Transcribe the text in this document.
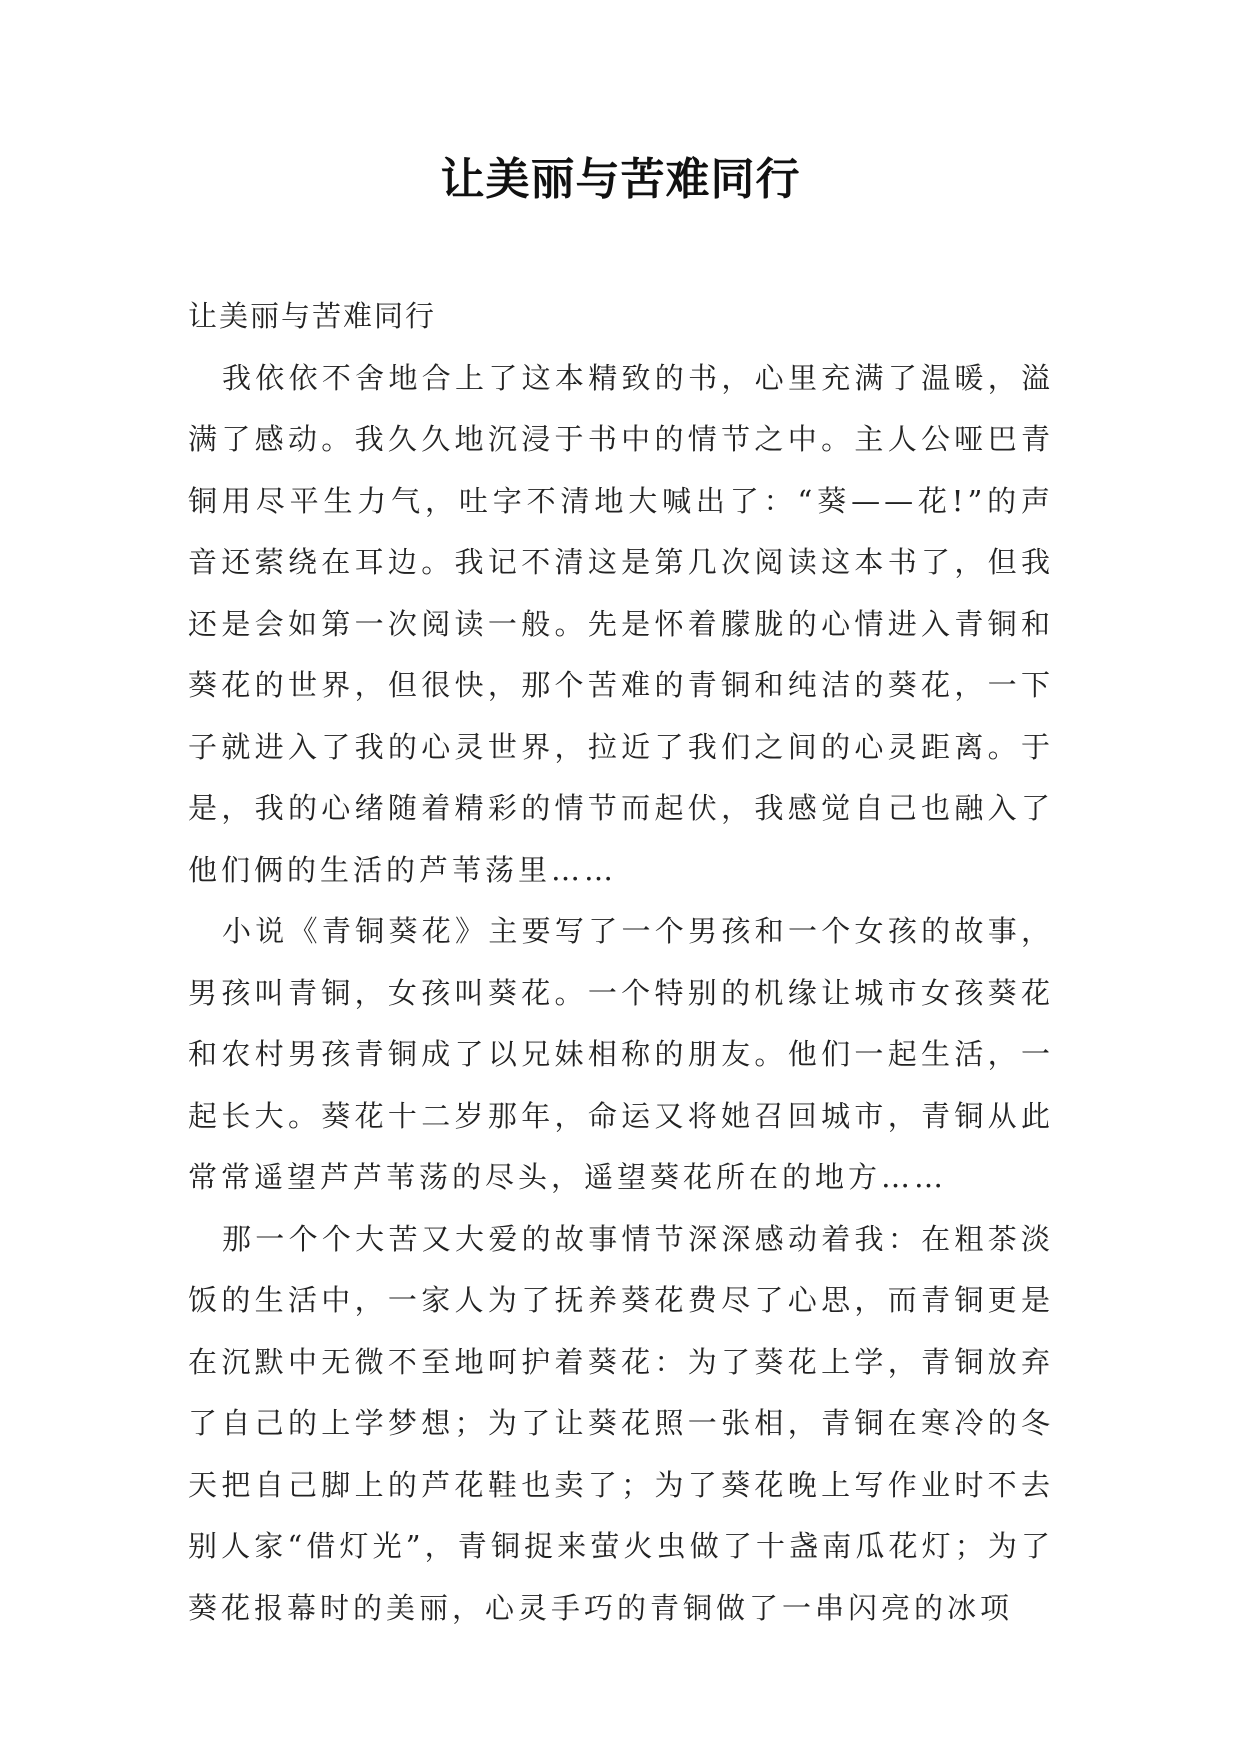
让美丽与苦难同行

让美丽与苦难同行

我依依不舍地合上了这本精致的书，心里充满了温暖，溢满了感动。我久久地沉浸于书中的情节之中。主人公哑巴青铜用尽平生力气，吐字不清地大喊出了：“葵——花!”的声音还萦绕在耳边。我记不清这是第几次阅读这本书了，但我还是会如第一次阅读一般。先是怀着朦胧的心情进入青铜和葵花的世界，但很快，那个苦难的青铜和纯洁的葵花，一下子就进入了我的心灵世界，拉近了我们之间的心灵距离。于是，我的心绪随着精彩的情节而起伏，我感觉自己也融入了他们俩的生活的芦苇荡里……

小说《青铜葵花》主要写了一个男孩和一个女孩的故事，男孩叫青铜，女孩叫葵花。一个特别的机缘让城市女孩葵花和农村男孩青铜成了以兄妹相称的朋友。他们一起生活，一起长大。葵花十二岁那年，命运又将她召回城市，青铜从此常常遥望芦芦苇荡的尽头，遥望葵花所在的地方……

那一个个大苦又大爱的故事情节深深感动着我：在粗茶淡饭的生活中，一家人为了抚养葵花费尽了心思，而青铜更是在沉默中无微不至地呵护着葵花：为了葵花上学，青铜放弃了自己的上学梦想；为了让葵花照一张相，青铜在寒冷的冬天把自己脚上的芦花鞋也卖了；为了葵花晚上写作业时不去别人家“借灯光”，青铜捉来萤火虫做了十盏南瓜花灯；为了葵花报幕时的美丽，心灵手巧的青铜做了一串闪亮的冰项
